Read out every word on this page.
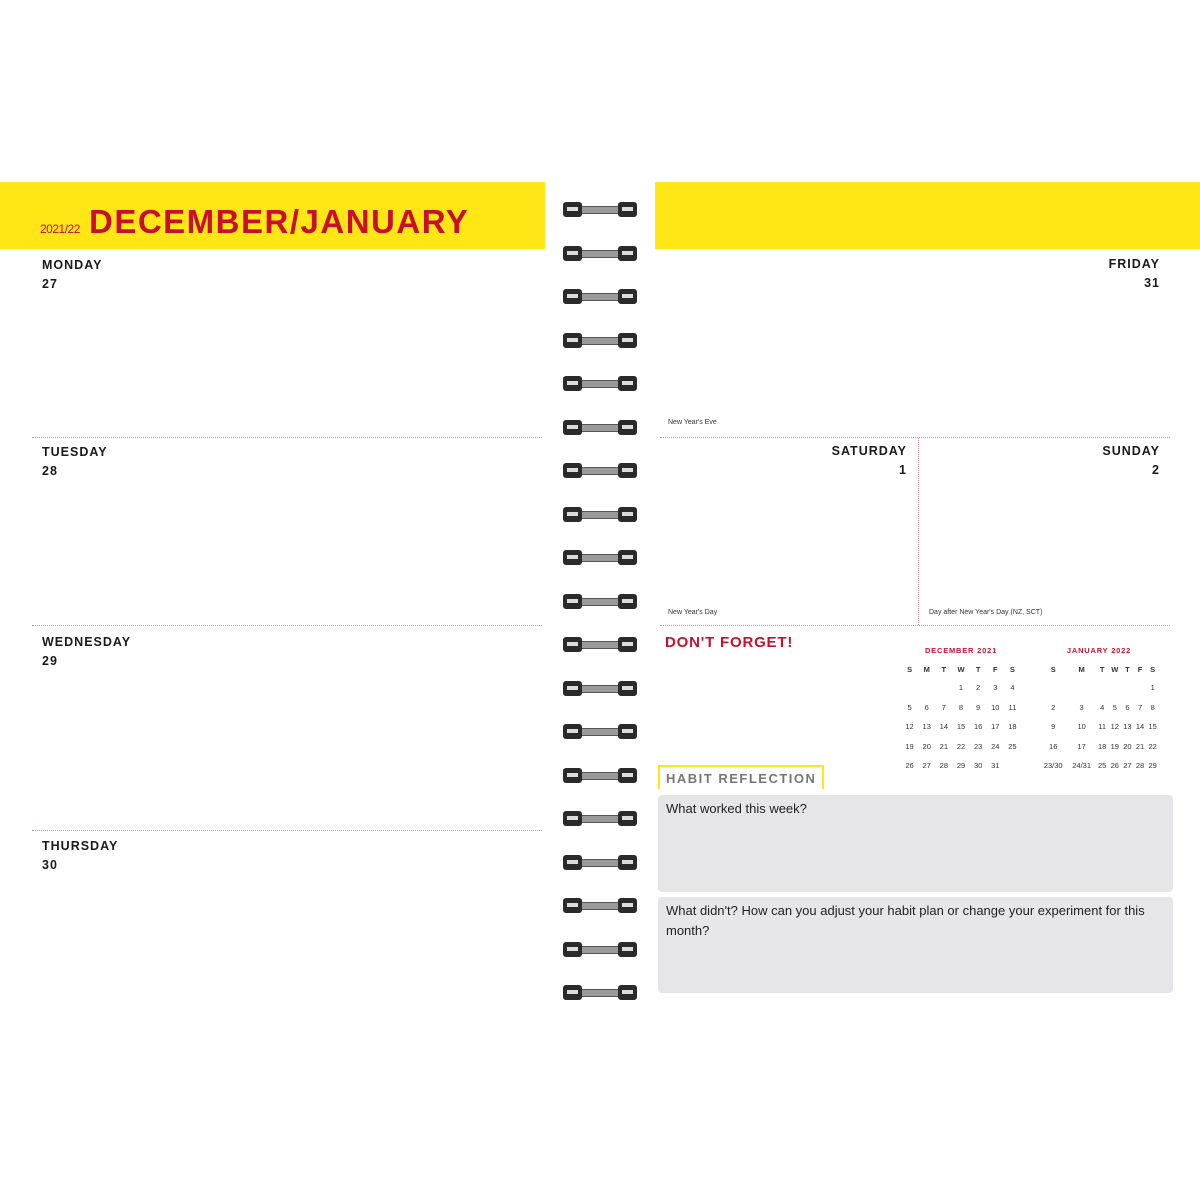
2021/22 DECEMBER/JANUARY
MONDAY
27
TUESDAY
28
WEDNESDAY
29
THURSDAY
30
FRIDAY
31
New Year's Eve
SATURDAY
1
New Year's Day
SUNDAY
2
Day after New Year's Day (NZ, SCT)
DON'T FORGET!	DECEMBER 2021
S	M	T	W	T	F	S
			1	2	3	4
5	6	7	8	9	10	11
12	13	14	15	16	17	18
19	20	21	22	23	24	25
26	27	28	29	30	31	
JANUARY 2022
S	M	T	W	T	F	S
						1
2	3	4	5	6	7	8
9	10	11	12	13	14	15
16	17	18	19	20	21	22
23/30	24/31	25	26	27	28	29
HABIT REFLECTION
What worked this week?
What didn't? How can you adjust your habit plan or change your experiment for this month?
